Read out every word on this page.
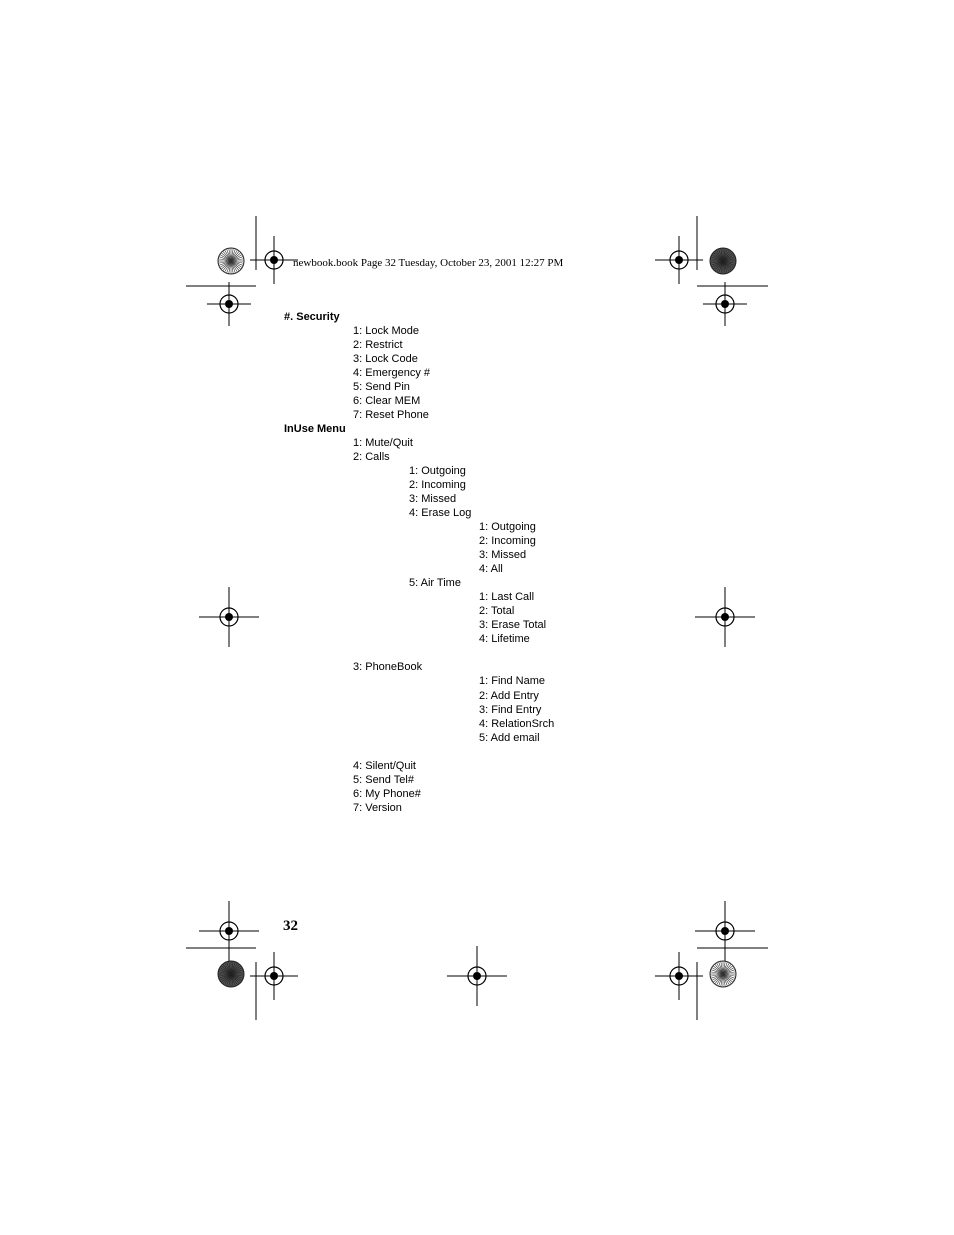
newbook.book Page 32 Tuesday, October 23, 2001 12:27 PM
#. Security
1: Lock Mode
2: Restrict
3: Lock Code
4: Emergency #
5: Send Pin
6: Clear MEM
7: Reset Phone
InUse Menu
1: Mute/Quit
2: Calls
1: Outgoing
2: Incoming
3: Missed
4: Erase Log
1: Outgoing
2: Incoming
3: Missed
4: All
5: Air Time
1: Last Call
2: Total
3: Erase Total
4: Lifetime
3: PhoneBook
1: Find Name
2: Add Entry
3: Find Entry
4: RelationSrch
5: Add email
4: Silent/Quit
5: Send Tel#
6: My Phone#
7: Version
32
